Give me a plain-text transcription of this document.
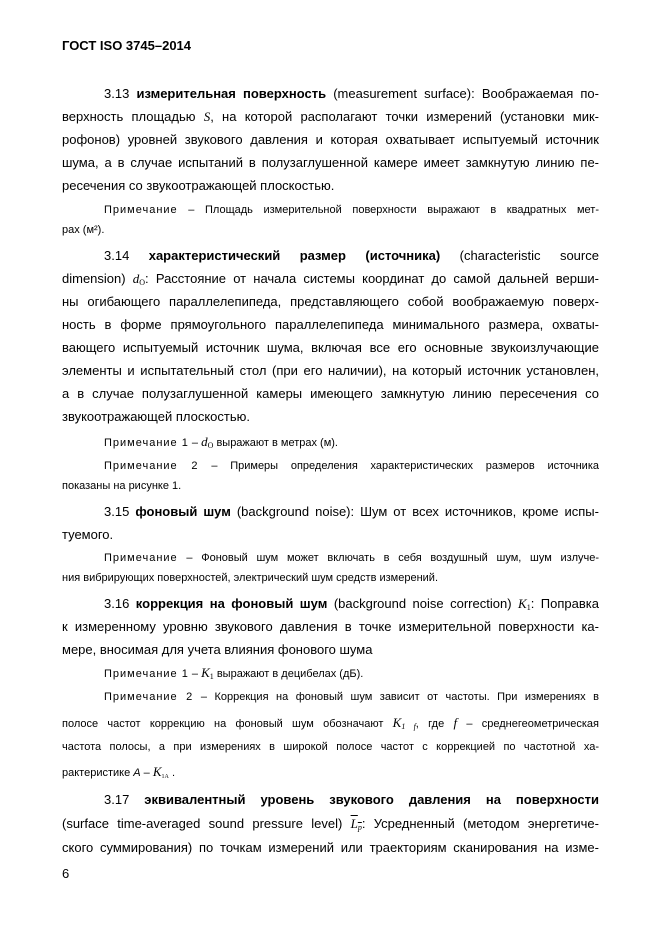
ГОСТ ISO 3745–2014

3.13 измерительная поверхность (measurement surface): Воображаемая по-

верхность площадью S, на которой располагают точки измерений (установки мик-

рофонов) уровней звукового давления и которая охватывает испытуемый источник

шума, а в случае испытаний в полузаглушенной камере имеет замкнутую линию пе-

ресечения со звукоотражающей плоскостью.

Примечание – Площадь измерительной поверхности выражают в квадратных мет-

рах (м²).

3.14 характеристический размер (источника) (characteristic source

dimension) $d_O$: Расстояние от начала системы координат до самой дальней верши-

ны огибающего параллелепипеда, представляющего собой воображаемую поверх-

ность в форме прямоугольного параллелепипеда минимального размера, охваты-

вающего испытуемый источник шума, включая все его основные звукоизлучающие

элементы и испытательный стол (при его наличии), на который источник установлен,

а в случае полузаглушенной камеры имеющего замкнутую линию пересечения со

звукоотражающей плоскостью.

Примечание $1 - d_O$ выражают в метрах (м).

Примечание 2 – Примеры определения характеристических размеров источника

показаны на рисунке 1.

3.15 фоновый шум (background noise): Шум от всех источников, кроме испы-

туемого.

Примечание – Фоновый шум может включать в себя воздушный шум, шум излуче-

ния вибрирующих поверхностей, электрический шум средств измерений.

3.16 коррекция на фоновый шум (background noise correction) $K_1$: Поправка

к измеренному уровню звукового давления в точке измерительной поверхности ка-

мере, вносимая для учета влияния фонового шума

Примечание $1 - K_1$ выражают в децибелах (дБ).

Примечание 2 – Коррекция на фоновый шум зависит от частоты. При измерениях в

полосе частот коррекцию на фоновый шум обозначают $K_{1 f}$, где f – среднегеометрическая

частота полосы, а при измерениях в широкой полосе частот с коррекцией по частотной ха-

рактеристике A – $K_{1A}$ .

3.17 эквивалентный уровень звукового давления на поверхности

(surface time-averaged sound pressure level) $L_p$: Усредненный (методом энергетиче-

ского суммирования) по точкам измерений или траекториям сканирования на изме-

6
